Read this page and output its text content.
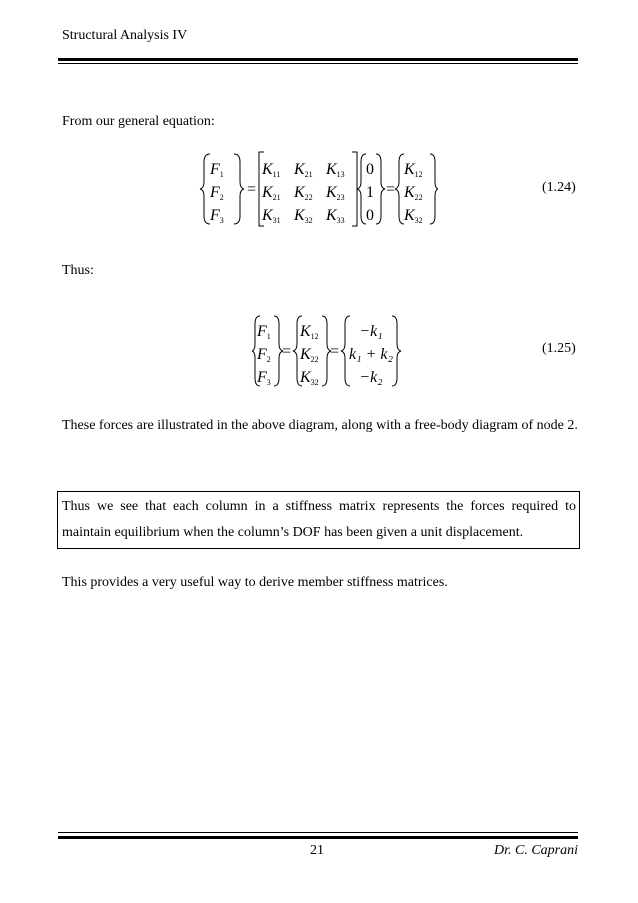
Structural Analysis IV
From our general equation:
F1
F2
F3
=
K11 K21 K13
K21 K22 K23
K31 K32 K33
0
1
0
=
K12
K22
K32
(1.24)
Thus:
F1
F2
F3
=
K12
K22
K32
=
−k₁
k₁ + k₂
−k₂
(1.25)
These forces are illustrated in the above diagram, along with a free-body diagram of node 2.
Thus we see that each column in a stiffness matrix represents the forces required to maintain equilibrium when the column’s DOF has been given a unit displacement.
This provides a very useful way to derive member stiffness matrices.
21	Dr. C. Caprani
